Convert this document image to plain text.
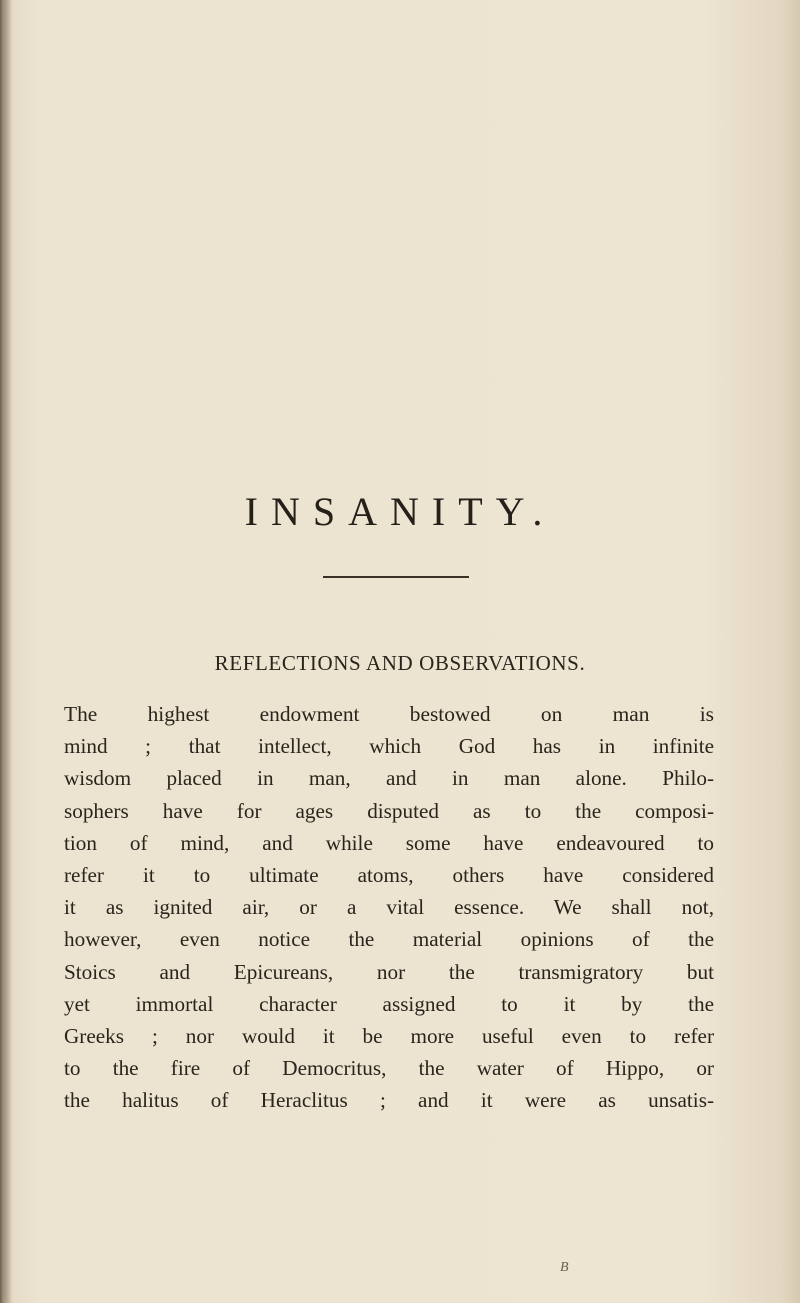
INSANITY.
REFLECTIONS AND OBSERVATIONS.
The highest endowment bestowed on man is
mind ; that intellect, which God has in infinite
wisdom placed in man, and in man alone. Philo-
sophers have for ages disputed as to the composi-
tion of mind, and while some have endeavoured to
refer it to ultimate atoms, others have considered
it as ignited air, or a vital essence. We shall not,
however, even notice the material opinions of the
Stoics and Epicureans, nor the transmigratory but
yet immortal character assigned to it by the
Greeks ; nor would it be more useful even to refer
to the fire of Democritus, the water of Hippo, or
the halitus of Heraclitus ; and it were as unsatis-
B
